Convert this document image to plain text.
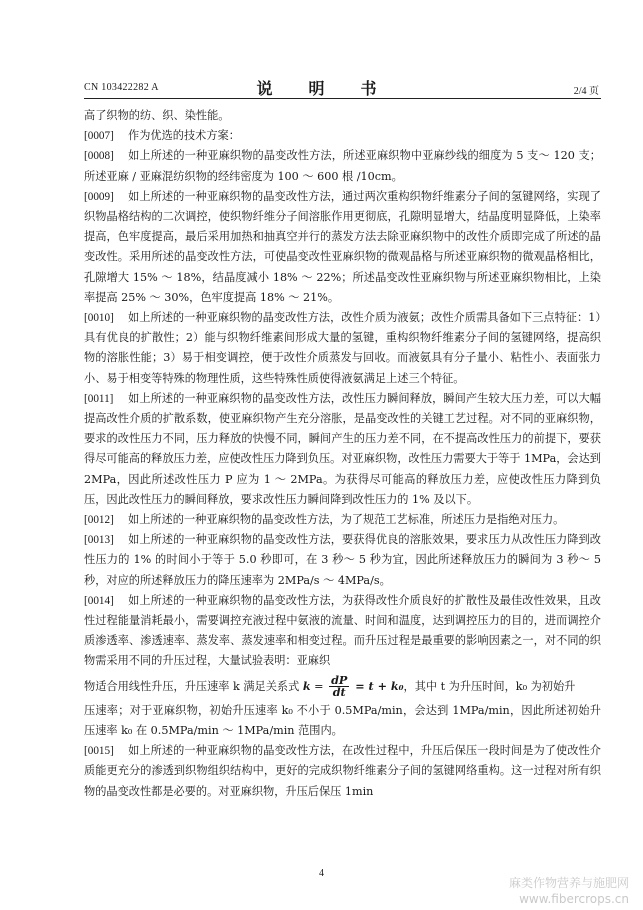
CN 103422282 A	说　明　书	2/4 页

高了织物的纺、织、染性能。

[0007] 作为优选的技术方案：

[0008] 如上所述的一种亚麻织物的晶变改性方法，所述亚麻织物中亚麻纱线的细度为 5 支～ 120 支；所述亚麻 / 亚麻混纺织物的经纬密度为 100 ～ 600 根 /10cm。

[0009] 如上所述的一种亚麻织物的晶变改性方法，通过两次重构织物纤维素分子间的氢键网络，实现了织物晶格结构的二次调控，使织物纤维分子间溶胀作用更彻底，孔隙明显增大，结晶度明显降低，上染率提高，色牢度提高，最后采用加热和抽真空并行的蒸发方法去除亚麻织物中的改性介质即完成了所述的晶变改性。采用所述的晶变改性方法，可使晶变改性亚麻织物的微观晶格与所述亚麻织物的微观晶格相比，孔隙增大 15% ～ 18%，结晶度减小 18% ～ 22%；所述晶变改性亚麻织物与所述亚麻织物相比，上染率提高 25% ～ 30%，色牢度提高 18% ～ 21%。

[0010] 如上所述的一种亚麻织物的晶变改性方法，改性介质为液氨；改性介质需具备如下三点特征：1）具有优良的扩散性；2）能与织物纤维素间形成大量的氢键，重构织物纤维素分子间的氢键网络，提高织物的溶胀性能；3）易于相变调控，便于改性介质蒸发与回收。而液氨具有分子量小、粘性小、表面张力小、易于相变等特殊的物理性质，这些特殊性质使得液氨满足上述三个特征。

[0011] 如上所述的一种亚麻织物的晶变改性方法，改性压力瞬间释放，瞬间产生较大压力差，可以大幅提高改性介质的扩散系数，使亚麻织物产生充分溶胀，是晶变改性的关键工艺过程。对不同的亚麻织物，要求的改性压力不同，压力释放的快慢不同，瞬间产生的压力差不同，在不提高改性压力的前提下，要获得尽可能高的释放压力差，应使改性压力降到负压。对亚麻织物，改性压力需要大于等于 1MPa，会达到 2MPa，因此所述改性压力 P 应为 1 ～ 2MPa。为获得尽可能高的释放压力差，应使改性压力降到负压，因此改性压力的瞬间释放，要求改性压力瞬间降到改性压力的 1% 及以下。

[0012] 如上所述的一种亚麻织物的晶变改性方法，为了规范工艺标准，所述压力是指绝对压力。

[0013] 如上所述的一种亚麻织物的晶变改性方法，要获得优良的溶胀效果，要求压力从改性压力降到改性压力的 1% 的时间小于等于 5.0 秒即可，在 3 秒～ 5 秒为宜，因此所述释放压力的瞬间为 3 秒～ 5 秒，对应的所述释放压力的降压速率为 2MPa/s ～ 4MPa/s。

[0014] 如上所述的一种亚麻织物的晶变改性方法，为获得改性介质良好的扩散性及最佳改性效果，且改性过程能量消耗最小，需要调控充液过程中氨液的流量、时间和温度，达到调控压力的目的，进而调控介质渗透率、渗透速率、蒸发率、蒸发速率和相变过程。而升压过程是最重要的影响因素之一，对不同的织物需采用不同的升压过程，大量试验表明：亚麻织

物适合用线性升压，升压速率 k 满足关系式 $k = \frac{dP}{dt} = t + k_0$，其中 t 为升压时间，k₀ 为初始升

压速率；对于亚麻织物，初始升压速率 k₀ 不小于 0.5MPa/min，会达到 1MPa/min，因此所述初始升压速率 k₀ 在 0.5MPa/min ～ 1MPa/min 范围内。

[0015] 如上所述的一种亚麻织物的晶变改性方法，在改性过程中，升压后保压一段时间是为了使改性介质能更充分的渗透到织物组织结构中，更好的完成织物纤维素分子间的氢键网络重构。这一过程对所有织物的晶变改性都是必要的。对亚麻织物，升压后保压 1min

4
麻类作物营养与施肥网
www.fibercrops.cn
